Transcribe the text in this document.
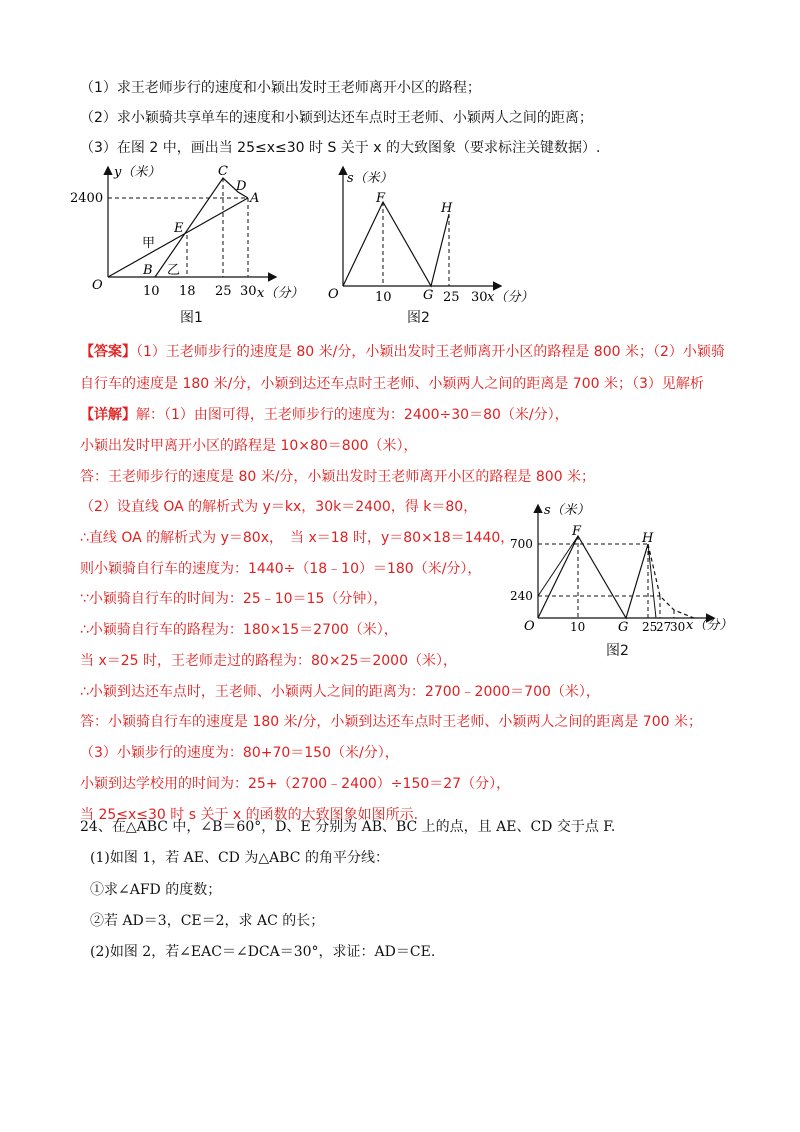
（1）求王老师步行的速度和小颖出发时王老师离开小区的路程；
（2）求小颖骑共享单车的速度和小颖到达还车点时王老师、小颖两人之间的距离；
（3）在图 2 中，画出当 25≤x≤30 时 S 关于 x 的大致图象（要求标注关键数据）.
y（米）
2400
O	10 18 25 30 x（分）
C
D
A
E
B
甲
乙
图1
s（米）
O
F
G
H
10	25 30 x（分）
图2
【答案】（1）王老师步行的速度是 80 米/分，小颖出发时王老师离开小区的路程是 800 米；（2）小颖骑
自行车的速度是 180 米/分，小颖到达还车点时王老师、小颖两人之间的距离是 700 米；（3）见解析
【详解】解：（1）由图可得，王老师步行的速度为：2400÷30＝80（米/分），
小颖出发时甲离开小区的路程是 10×80＝800（米），
答：王老师步行的速度是 80 米/分，小颖出发时王老师离开小区的路程是 800 米；
（2）设直线 OA 的解析式为 y＝kx，30k＝2400，得 k＝80，
∴直线 OA 的解析式为 y＝80x，　当 x＝18 时，y＝80×18＝1440，
则小颖骑自行车的速度为：1440÷（18﹣10）＝180（米/分），
∵小颖骑自行车的时间为：25﹣10＝15（分钟），
∴小颖骑自行车的路程为：180×15＝2700（米），
当 x＝25 时，王老师走过的路程为：80×25＝2000（米），
∴小颖到达还车点时，王老师、小颖两人之间的距离为：2700﹣2000＝700（米），
答：小颖骑自行车的速度是 180 米/分，小颖到达还车点时王老师、小颖两人之间的距离是 700 米；
（3）小颖步行的速度为：80+70＝150（米/分），
小颖到达学校用的时间为：25+（2700﹣2400）÷150＝27（分），
当 25≤x≤30 时 s 关于 x 的函数的大致图象如图所示.
s（米）
700
240
O
F
G
H
10	25
27
30 x（分）
图2
24、在△ABC 中，∠B＝60°，D、E 分别为 AB、BC 上的点，且 AE、CD 交于点 F.
(1)如图 1，若 AE、CD 为△ABC 的角平分线：
①求∠AFD 的度数；
②若 AD＝3，CE＝2，求 AC 的长；
(2)如图 2，若∠EAC＝∠DCA＝30°，求证：AD＝CE.
